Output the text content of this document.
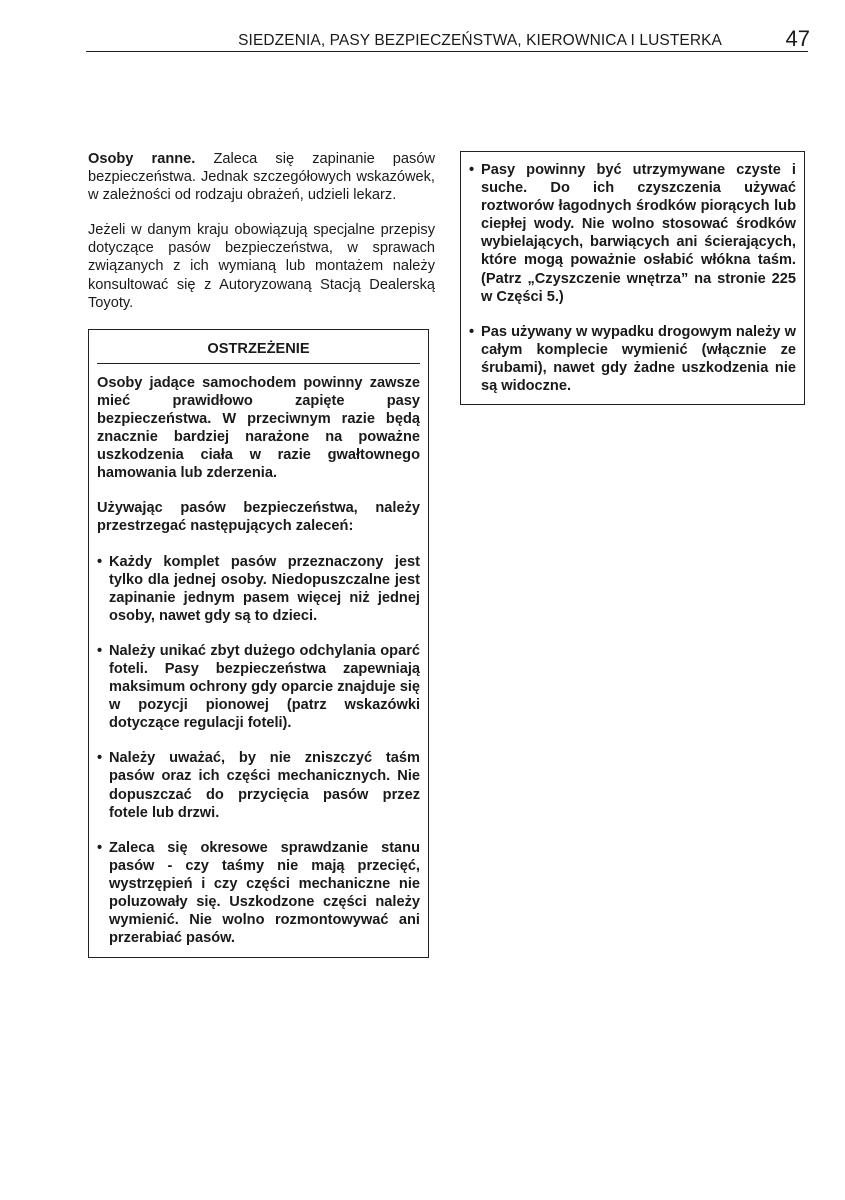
SIEDZENIA, PASY BEZPIECZEŃSTWA, KIEROWNICA I LUSTERKA	47

Osoby ranne. Zaleca się zapinanie pasów bezpieczeństwa. Jednak szczegółowych wskazówek, w zależności od rodzaju obrażeń, udzieli lekarz.

Jeżeli w danym kraju obowiązują specjalne przepisy dotyczące pasów bezpieczeństwa, w sprawach związanych z ich wymianą lub montażem należy konsultować się z Autoryzowaną Stacją Dealerską Toyoty.

OSTRZEŻENIE

Osoby jadące samochodem powinny zawsze mieć prawidłowo zapięte pasy bezpieczeństwa. W przeciwnym razie będą znacznie bardziej narażone na poważne uszkodzenia ciała w razie gwałtownego hamowania lub zderzenia.

Używając pasów bezpieczeństwa, należy przestrzegać następujących zaleceń:

• Każdy komplet pasów przeznaczony jest tylko dla jednej osoby. Niedopuszczalne jest zapinanie jednym pasem więcej niż jednej osoby, nawet gdy są to dzieci.
• Należy unikać zbyt dużego odchylania oparć foteli. Pasy bezpieczeństwa zapewniają maksimum ochrony gdy oparcie znajduje się w pozycji pionowej (patrz wskazówki dotyczące regulacji foteli).
• Należy uważać, by nie zniszczyć taśm pasów oraz ich części mechanicznych. Nie dopuszczać do przycięcia pasów przez fotele lub drzwi.
• Zaleca się okresowe sprawdzanie stanu pasów - czy taśmy nie mają przecięć, wystrzępień i czy części mechaniczne nie poluzowały się. Uszkodzone części należy wymienić. Nie wolno rozmontowywać ani przerabiać pasów.
• Pasy powinny być utrzymywane czyste i suche. Do ich czyszczenia używać roztworów łagodnych środków piorących lub ciepłej wody. Nie wolno stosować środków wybielających, barwiących ani ścierających, które mogą poważnie osłabić włókna taśm. (Patrz „Czyszczenie wnętrza” na stronie 225 w Części 5.)
• Pas używany w wypadku drogowym należy w całym komplecie wymienić (włącznie ze śrubami), nawet gdy żadne uszkodzenia nie są widoczne.
